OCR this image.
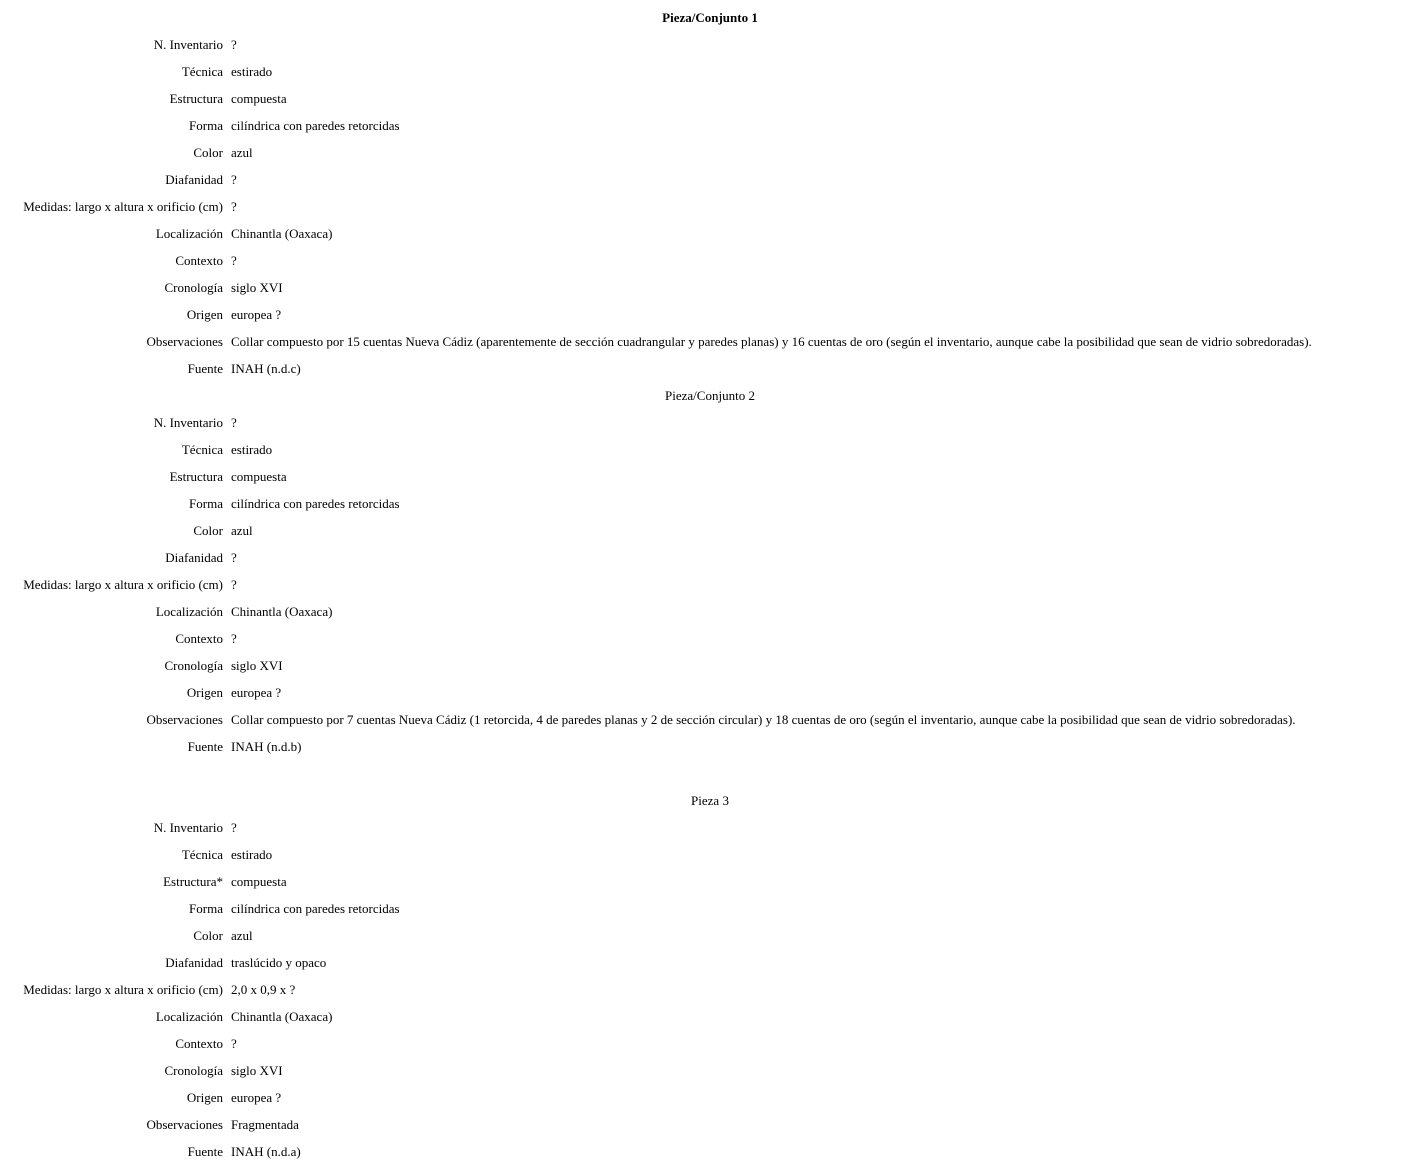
Pieza/Conjunto 1
N. Inventario ?
Técnica estirado
Estructura compuesta
Forma cilíndrica con paredes retorcidas
Color azul
Diafanidad ?
Medidas: largo x altura x orificio (cm) ?
Localización Chinantla (Oaxaca)
Contexto ?
Cronología siglo XVI
Origen europea ?
Observaciones Collar compuesto por 15 cuentas Nueva Cádiz (aparentemente de sección cuadrangular y paredes planas) y 16 cuentas de oro (según el inventario, aunque cabe la posibilidad que sean de vidrio sobredoradas).
Fuente INAH (n.d.c)
Pieza/Conjunto 2
N. Inventario ?
Técnica estirado
Estructura compuesta
Forma cilíndrica con paredes retorcidas
Color azul
Diafanidad ?
Medidas: largo x altura x orificio (cm) ?
Localización Chinantla (Oaxaca)
Contexto ?
Cronología siglo XVI
Origen europea ?
Observaciones Collar compuesto por 7 cuentas Nueva Cádiz (1 retorcida, 4 de paredes planas y 2 de sección circular) y 18 cuentas de oro (según el inventario, aunque cabe la posibilidad que sean de vidrio sobredoradas).
Fuente INAH (n.d.b)
Pieza 3
N. Inventario ?
Técnica estirado
Estructura* compuesta
Forma cilíndrica con paredes retorcidas
Color azul
Diafanidad traslúcido y opaco
Medidas: largo x altura x orificio (cm) 2,0 x 0,9 x ?
Localización Chinantla (Oaxaca)
Contexto ?
Cronología siglo XVI
Origen europea ?
Observaciones Fragmentada
Fuente INAH (n.d.a)
